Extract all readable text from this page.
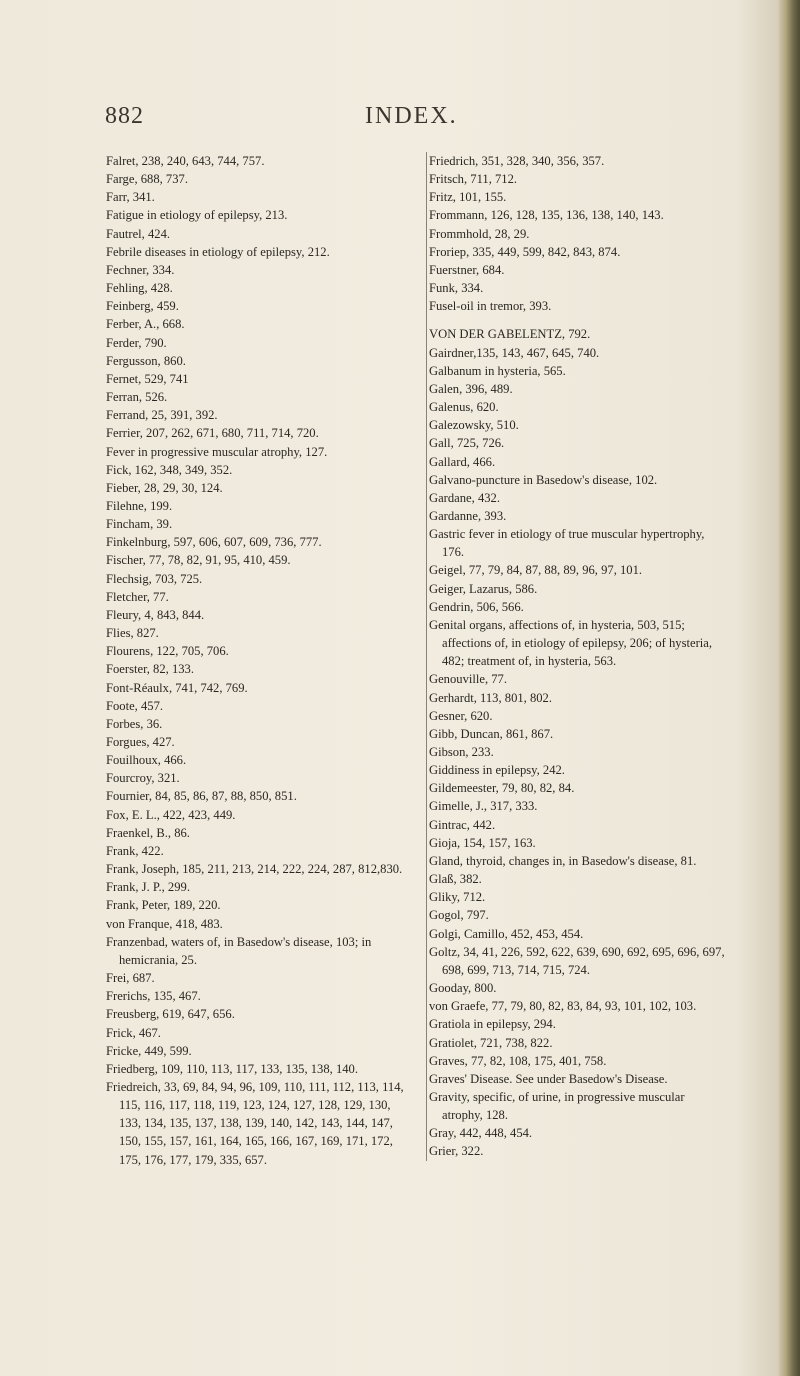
882	INDEX.
Falret, 238, 240, 643, 744, 757.
Farge, 688, 737.
Farr, 341.
Fatigue in etiology of epilepsy, 213.
Fautrel, 424.
Febrile diseases in etiology of epilepsy, 212.
Fechner, 334.
Fehling, 428.
Feinberg, 459.
Ferber, A., 668.
Ferder, 790.
Fergusson, 860.
Fernet, 529, 741
Ferran, 526.
Ferrand, 25, 391, 392.
Ferrier, 207, 262, 671, 680, 711, 714, 720.
Fever in progressive muscular atrophy, 127.
Fick, 162, 348, 349, 352.
Fieber, 28, 29, 30, 124.
Filehne, 199.
Fincham, 39.
Finkelnburg, 597, 606, 607, 609, 736, 777.
Fischer, 77, 78, 82, 91, 95, 410, 459.
Flechsig, 703, 725.
Fletcher, 77.
Fleury, 4, 843, 844.
Flies, 827.
Flourens, 122, 705, 706.
Foerster, 82, 133.
Font-Réaulx, 741, 742, 769.
Foote, 457.
Forbes, 36.
Forgues, 427.
Fouilhoux, 466.
Fourcroy, 321.
Fournier, 84, 85, 86, 87, 88, 850, 851.
Fox, E. L., 422, 423, 449.
Fraenkel, B., 86.
Frank, 422.
Frank, Joseph, 185, 211, 213, 214, 222, 224, 287, 812,830.
Frank, J. P., 299.
Frank, Peter, 189, 220.
von Franque, 418, 483.
Franzenbad, waters of, in Basedow's disease, 103; in hemicrania, 25.
Frei, 687.
Frerichs, 135, 467.
Freusberg, 619, 647, 656.
Frick, 467.
Fricke, 449, 599.
Friedberg, 109, 110, 113, 117, 133, 135, 138, 140.
Friedreich, 33, 69, 84, 94, 96, 109, 110, 111, 112, 113, 114, 115, 116, 117, 118, 119, 123, 124, 127, 128, 129, 130, 133, 134, 135, 137, 138, 139, 140, 142, 143, 144, 147, 150, 155, 157, 161, 164, 165, 166, 167, 169, 171, 172, 175, 176, 177, 179, 335, 657.
Friedrich, 351, 328, 340, 356, 357.
Fritsch, 711, 712.
Fritz, 101, 155.
Frommann, 126, 128, 135, 136, 138, 140, 143.
Frommhold, 28, 29.
Froriep, 335, 449, 599, 842, 843, 874.
Fuerstner, 684.
Funk, 334.
Fusel-oil in tremor, 393.
VON DER GABELENTZ, 792.
Gairdner,135, 143, 467, 645, 740.
Galbanum in hysteria, 565.
Galen, 396, 489.
Galenus, 620.
Galezowsky, 510.
Gall, 725, 726.
Gallard, 466.
Galvano-puncture in Basedow's disease, 102.
Gardane, 432.
Gardanne, 393.
Gastric fever in etiology of true muscular hypertrophy, 176.
Geigel, 77, 79, 84, 87, 88, 89, 96, 97, 101.
Geiger, Lazarus, 586.
Gendrin, 506, 566.
Genital organs, affections of, in hysteria, 503, 515; affections of, in etiology of epilepsy, 206; of hysteria, 482; treatment of, in hysteria, 563.
Genouville, 77.
Gerhardt, 113, 801, 802.
Gesner, 620.
Gibb, Duncan, 861, 867.
Gibson, 233.
Giddiness in epilepsy, 242.
Gildemeester, 79, 80, 82, 84.
Gimelle, J., 317, 333.
Gintrac, 442.
Gioja, 154, 157, 163.
Gland, thyroid, changes in, in Basedow's disease, 81.
Glaß, 382.
Gliky, 712.
Gogol, 797.
Golgi, Camillo, 452, 453, 454.
Goltz, 34, 41, 226, 592, 622, 639, 690, 692, 695, 696, 697, 698, 699, 713, 714, 715, 724.
Gooday, 800.
von Graefe, 77, 79, 80, 82, 83, 84, 93, 101, 102, 103.
Gratiola in epilepsy, 294.
Gratiolet, 721, 738, 822.
Graves, 77, 82, 108, 175, 401, 758.
Graves' Disease. See under Basedow's Disease.
Gravity, specific, of urine, in progressive muscular atrophy, 128.
Gray, 442, 448, 454.
Grier, 322.
